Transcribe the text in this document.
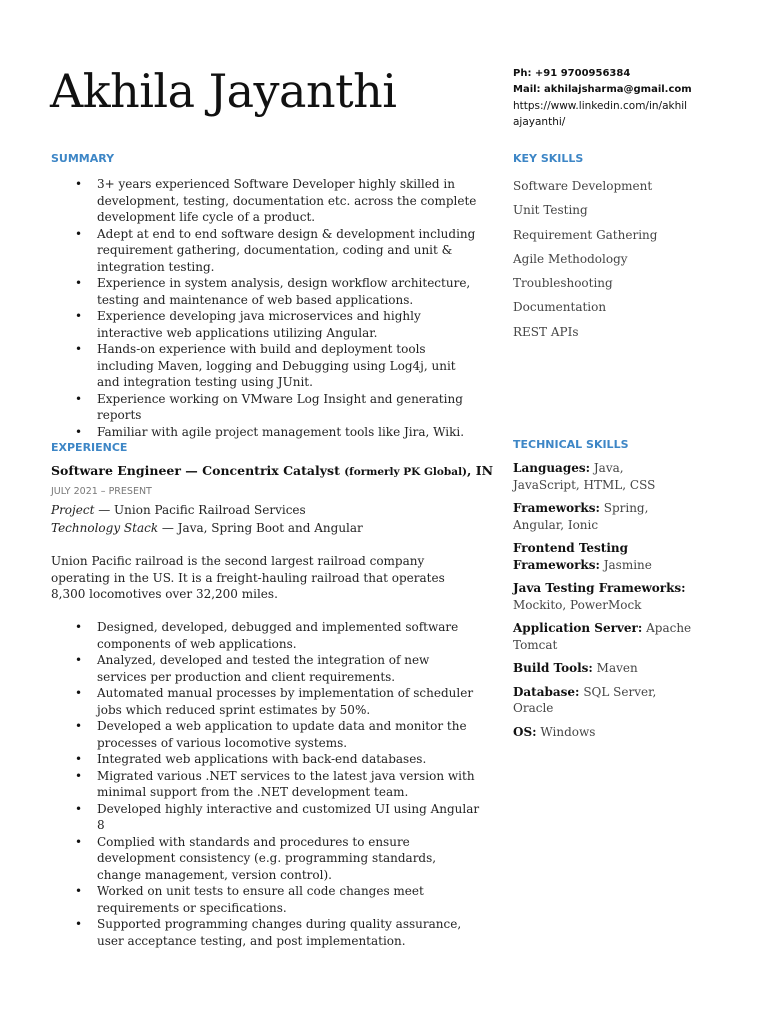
Akhila Jayanthi	Ph: +91 9700956384
Mail: akhilajsharma@gmail.com
https://www.linkedin.com/in/akhilajayanthi/
SUMMARY
• 3+ years experienced Software Developer highly skilled in development, testing, documentation etc. across the complete development life cycle of a product.
• Adept at end to end software design & development including requirement gathering, documentation, coding and unit & integration testing.
• Experience in system analysis, design workflow architecture, testing and maintenance of web based applications.
• Experience developing java microservices and highly interactive web applications utilizing Angular.
• Hands-on experience with build and deployment tools including Maven, logging and Debugging using Log4j, unit and integration testing using JUnit.
• Experience working on VMware Log Insight and generating reports
• Familiar with agile project management tools like Jira, Wiki.
KEY SKILLS
Software Development
Unit Testing
Requirement Gathering
Agile Methodology
Troubleshooting
Documentation
REST APIs
EXPERIENCE
Software Engineer — Concentrix Catalyst (formerly PK Global), IN
JULY 2021 – PRESENT
Project — Union Pacific Railroad Services
Technology Stack — Java, Spring Boot and Angular

Union Pacific railroad is the second largest railroad company operating in the US. It is a freight-hauling railroad that operates 8,300 locomotives over 32,200 miles.

• Designed, developed, debugged and implemented software components of web applications.
• Analyzed, developed and tested the integration of new services per production and client requirements.
• Automated manual processes by implementation of scheduler jobs which reduced sprint estimates by 50%.
• Developed a web application to update data and monitor the processes of various locomotive systems.
• Integrated web applications with back-end databases.
• Migrated various .NET services to the latest java version with minimal support from the .NET development team.
• Developed highly interactive and customized UI using Angular 8
• Complied with standards and procedures to ensure development consistency (e.g. programming standards, change management, version control).
• Worked on unit tests to ensure all code changes meet requirements or specifications.
• Supported programming changes during quality assurance, user acceptance testing, and post implementation.
TECHNICAL SKILLS
Languages: Java, JavaScript, HTML, CSS
Frameworks: Spring, Angular, Ionic
Frontend Testing Frameworks: Jasmine
Java Testing Frameworks: Mockito, PowerMock
Application Server: Apache Tomcat
Build Tools: Maven
Database: SQL Server, Oracle
OS: Windows
